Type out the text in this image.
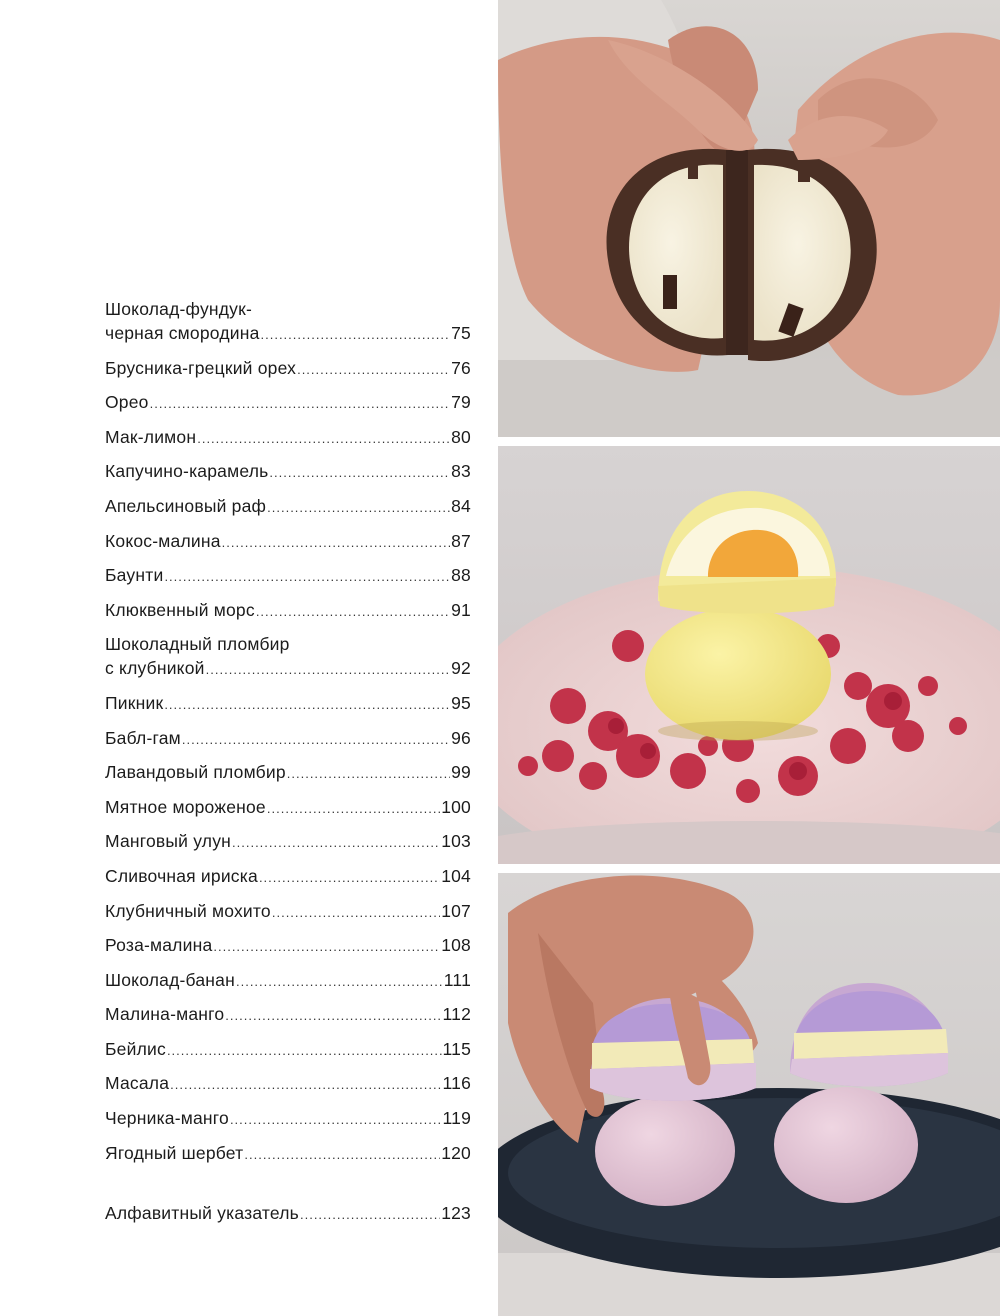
Шоколад-фундук-
черная смородина .....	75
Брусника-грецкий орех .....	76
Орео .....	79
Мак-лимон .....	80
Капучино-карамель .....	83
Апельсиновый раф .....	84
Кокос-малина .....	87
Баунти .....	88
Клюквенный морс .....	91
Шоколадный пломбир
с клубникой .....	92
Пикник .....	95
Бабл-гам .....	96
Лавандовый пломбир .....	99
Мятное мороженое .....	100
Манговый улун .....	103
Сливочная ириска .....	104
Клубничный мохито .....	107
Роза-малина .....	108
Шоколад-банан .....	111
Малина-манго .....	112
Бейлис .....	115
Масала .....	116
Черника-манго .....	119
Ягодный шербет .....	120
Алфавитный указатель .....	123
